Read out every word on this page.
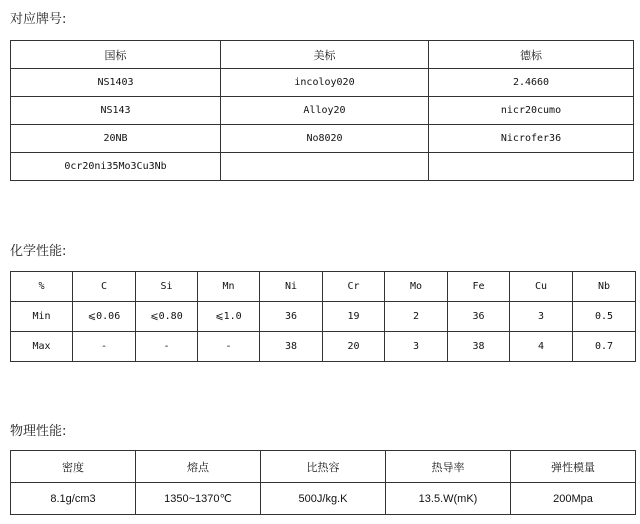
对应牌号:
国标	美标	德标
NS1403	incoloy020	2.4660
NS143	Alloy20	nicr20cumo
20NB	No8020	Nicrofer36
0cr20ni35Mo3Cu3Nb		
化学性能:
%	C	Si	Mn	Ni	Cr	Mo	Fe	Cu	Nb
Min	⩽0.06	⩽0.80	⩽1.0	36	19	2	36	3	0.5
Max	-	-	-	38	20	3	38	4	0.7
物理性能:
密度	熔点	比热容	热导率	弹性模量
8.1g/cm3	1350~1370℃	500J/kg.K	13.5.W(mK)	200Mpa
